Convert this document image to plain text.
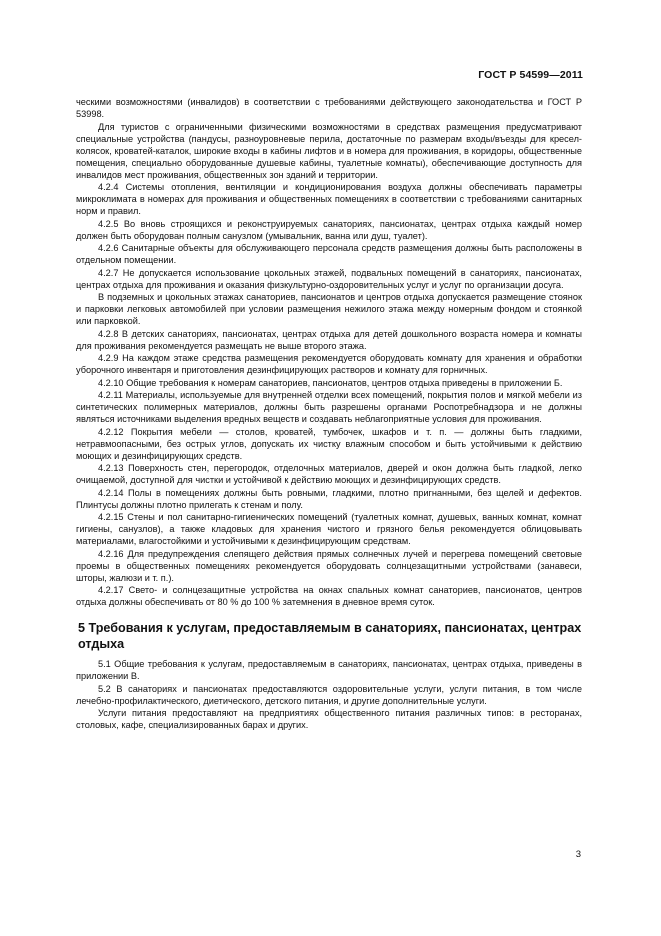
ГОСТ Р 54599—2011

ческими возможностями (инвалидов) в соответствии с требованиями действующего законодательства и ГОСТ Р 53998.

Для туристов с ограниченными физическими возможностями в средствах размещения предусматривают специальные устройства (пандусы, разноуровневые перила, достаточные по размерам входы/въезды для кресел-колясок, кроватей-каталок, широкие входы в кабины лифтов и в номера для проживания, в коридоры, общественные помещения, специально оборудованные душевые кабины, туалетные комнаты), обеспечивающие доступность для инвалидов мест проживания, общественных зон зданий и территории.

4.2.4 Системы отопления, вентиляции и кондиционирования воздуха должны обеспечивать параметры микроклимата в номерах для проживания и общественных помещениях в соответствии с требованиями санитарных норм и правил.

4.2.5 Во вновь строящихся и реконструируемых санаториях, пансионатах, центрах отдыха каждый номер должен быть оборудован полным санузлом (умывальник, ванна или душ, туалет).

4.2.6 Санитарные объекты для обслуживающего персонала средств размещения должны быть расположены в отдельном помещении.

4.2.7 Не допускается использование цокольных этажей, подвальных помещений в санаториях, пансионатах, центрах отдыха для проживания и оказания физкультурно-оздоровительных услуг и услуг по организации досуга.

В подземных и цокольных этажах санаториев, пансионатов и центров отдыха допускается размещение стоянок и парковки легковых автомобилей при условии размещения нежилого этажа между номерным фондом и стоянкой или парковкой.

4.2.8 В детских санаториях, пансионатах, центрах отдыха для детей дошкольного возраста номера и комнаты для проживания рекомендуется размещать не выше второго этажа.

4.2.9 На каждом этаже средства размещения рекомендуется оборудовать комнату для хранения и обработки уборочного инвентаря и приготовления дезинфицирующих растворов и комнату для горничных.

4.2.10 Общие требования к номерам санаториев, пансионатов, центров отдыха приведены в приложении Б.

4.2.11 Материалы, используемые для внутренней отделки всех помещений, покрытия полов и мягкой мебели из синтетических полимерных материалов, должны быть разрешены органами Роспотребнадзора и не должны являться источниками выделения вредных веществ и создавать неблагоприятные условия для проживания.

4.2.12 Покрытия мебели — столов, кроватей, тумбочек, шкафов и т. п. — должны быть гладкими, нетравмоопасными, без острых углов, допускать их чистку влажным способом и быть устойчивыми к действию моющих и дезинфицирующих средств.

4.2.13 Поверхность стен, перегородок, отделочных материалов, дверей и окон должна быть гладкой, легко очищаемой, доступной для чистки и устойчивой к действию моющих и дезинфицирующих средств.

4.2.14 Полы в помещениях должны быть ровными, гладкими, плотно пригнанными, без щелей и дефектов. Плинтусы должны плотно прилегать к стенам и полу.

4.2.15 Стены и пол санитарно-гигиенических помещений (туалетных комнат, душевых, ванных комнат, комнат гигиены, санузлов), а также кладовых для хранения чистого и грязного белья рекомендуется облицовывать материалами, влагостойкими и устойчивыми к дезинфицирующим средствам.

4.2.16 Для предупреждения слепящего действия прямых солнечных лучей и перегрева помещений световые проемы в общественных помещениях рекомендуется оборудовать солнцезащитными устройствами (занавеси, шторы, жалюзи и т. п.).

4.2.17 Свето- и солнцезащитные устройства на окнах спальных комнат санаториев, пансионатов, центров отдыха должны обеспечивать от 80 % до 100 % затемнения в дневное время суток.

5 Требования к услугам, предоставляемым в санаториях, пансионатах, центрах отдыха

5.1 Общие требования к услугам, предоставляемым в санаториях, пансионатах, центрах отдыха, приведены в приложении В.

5.2 В санаториях и пансионатах предоставляются оздоровительные услуги, услуги питания, в том числе лечебно-профилактического, диетического, детского питания, и другие дополнительные услуги.

Услуги питания предоставляют на предприятиях общественного питания различных типов: в ресторанах, столовых, кафе, специализированных барах и других.

3
